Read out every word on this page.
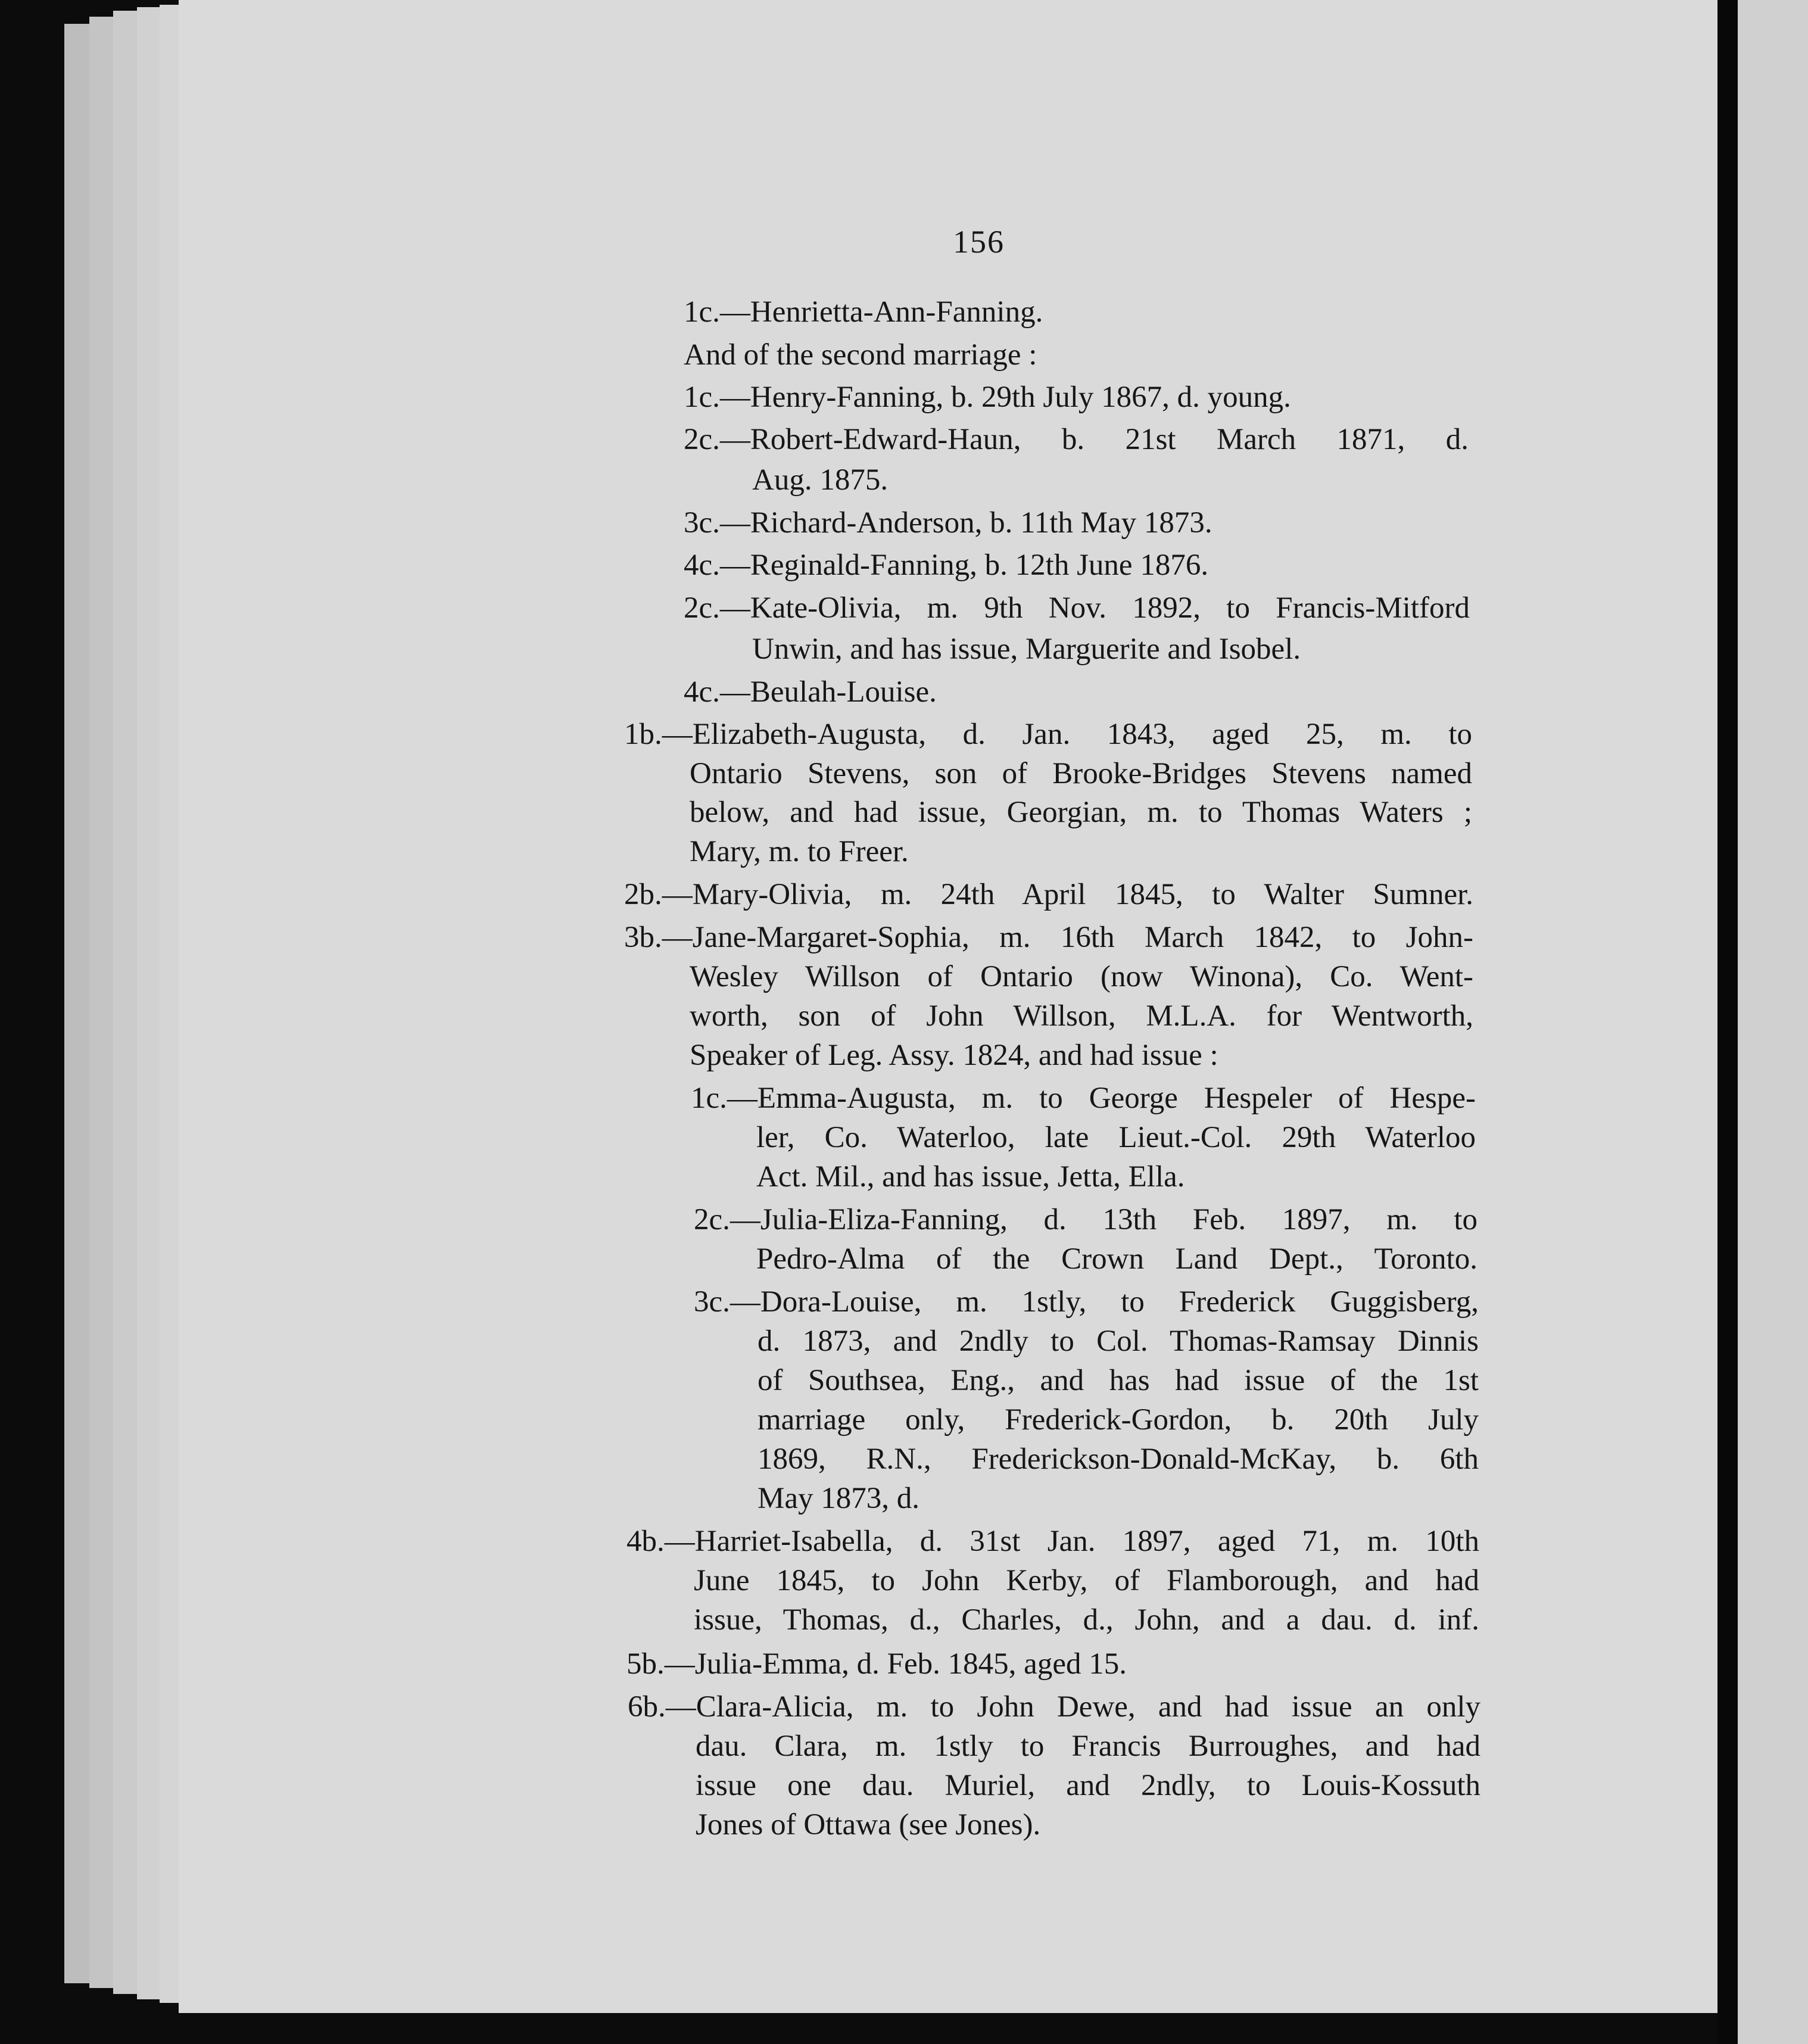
156

1c.—Henrietta-Ann-Fanning.

And of the second marriage :

1c.—Henry-Fanning, b. 29th July 1867, d. young.

2c.—Robert-Edward-Haun, b. 21st March 1871, d.

Aug. 1875.

3c.—Richard-Anderson, b. 11th May 1873.

4c.—Reginald-Fanning, b. 12th June 1876.

2c.—Kate-Olivia, m. 9th Nov. 1892, to Francis-Mitford

Unwin, and has issue, Marguerite and Isobel.

4c.—Beulah-Louise.

1b.—Elizabeth-Augusta, d. Jan. 1843, aged 25, m. to

Ontario Stevens, son of Brooke-Bridges Stevens named

below, and had issue, Georgian, m. to Thomas Waters ;

Mary, m. to Freer.

2b.—Mary-Olivia, m. 24th April 1845, to Walter Sumner.

3b.—Jane-Margaret-Sophia, m. 16th March 1842, to John-

Wesley Willson of Ontario (now Winona), Co. Went-

worth, son of John Willson, M.L.A. for Wentworth,

Speaker of Leg. Assy. 1824, and had issue :

1c.—Emma-Augusta, m. to George Hespeler of Hespe-

ler, Co. Waterloo, late Lieut.-Col. 29th Waterloo

Act. Mil., and has issue, Jetta, Ella.

2c.—Julia-Eliza-Fanning, d. 13th Feb. 1897, m. to

Pedro-Alma of the Crown Land Dept., Toronto.

3c.—Dora-Louise, m. 1stly, to Frederick Guggisberg,

d. 1873, and 2ndly to Col. Thomas-Ramsay Dinnis

of Southsea, Eng., and has had issue of the 1st

marriage only, Frederick-Gordon, b. 20th July

1869, R.N., Frederickson-Donald-McKay, b. 6th

May 1873, d.

4b.—Harriet-Isabella, d. 31st Jan. 1897, aged 71, m. 10th

June 1845, to John Kerby, of Flamborough, and had

issue, Thomas, d., Charles, d., John, and a dau. d. inf.

5b.—Julia-Emma, d. Feb. 1845, aged 15.

6b.—Clara-Alicia, m. to John Dewe, and had issue an only

dau. Clara, m. 1stly to Francis Burroughes, and had

issue one dau. Muriel, and 2ndly, to Louis-Kossuth

Jones of Ottawa (see Jones).
